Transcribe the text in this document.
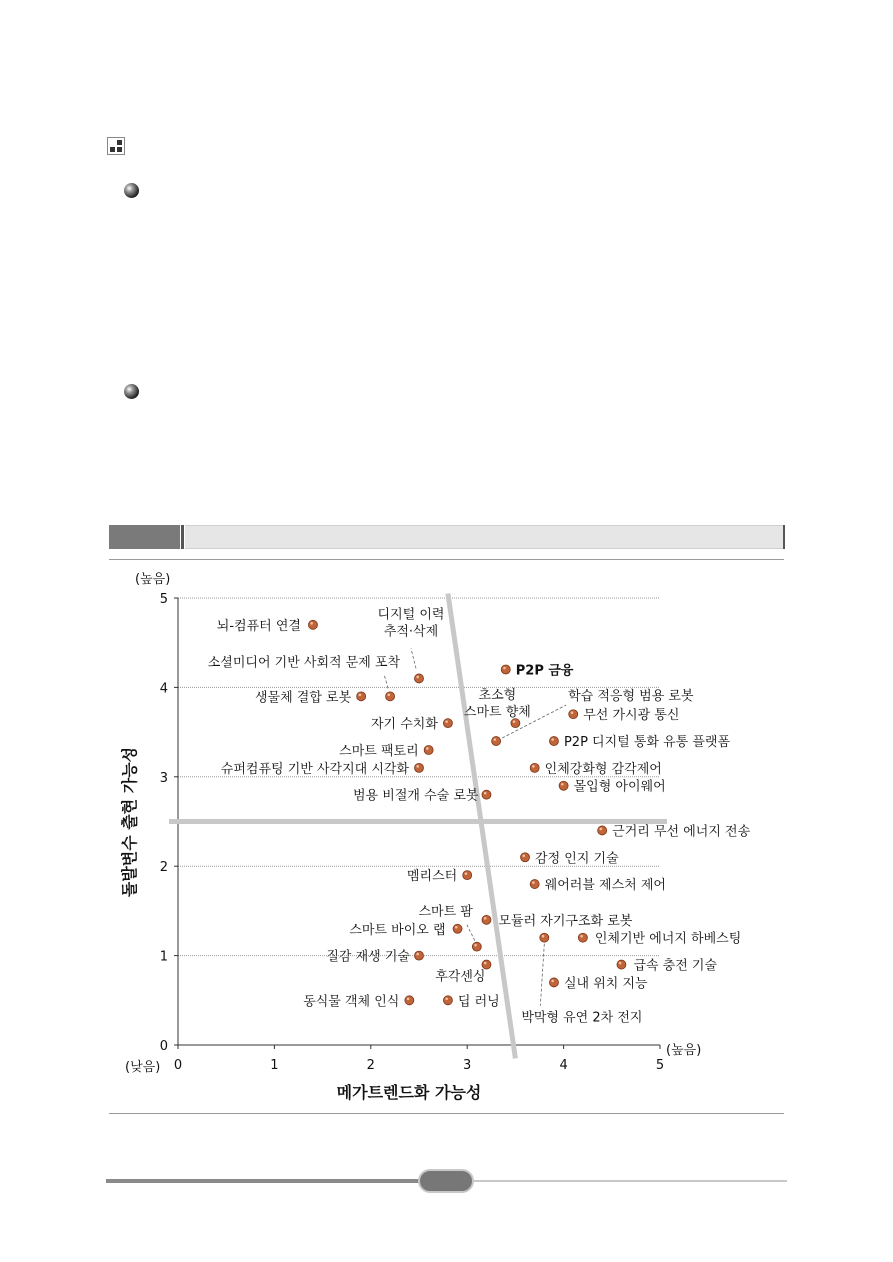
0
1
2
3
4
5
0	1	2	3	4	5
뇌-컴퓨터 연결
디지털 이력 추적·삭제
소셜미디어 기반 사회적 문제 포착
P2P 금융
생물체 결합 로봇	초소형 스마트 향체
학습 적응형 범용 로봇
무선 가시광 통신
자기 수치화
P2P 디지털 통화 유통 플랫폼
스마트 팩토리
슈퍼컴퓨팅 기반 사각지대 시각화	인체강화형 감각제어
몰입형 아이웨어
범용 비절개 수술 로봇
근거리 무선 에너지 전송
감정 인지 기술
멤리스터
웨어러블 제스처 제어
스마트 팜
모듈러 자기구조화 로봇
스마트 바이오 랩
인체기반 에너지 하베스팅
질감 재생 기술
후각센싱
급속 충전 기술
실내 위치 지능
동식물 객체 인식	딥 러닝
박막형 유연 2차 전지
(높음)
(높음)
(낮음)
메가트렌드화 가능성
돌발변수 출현 가능성
